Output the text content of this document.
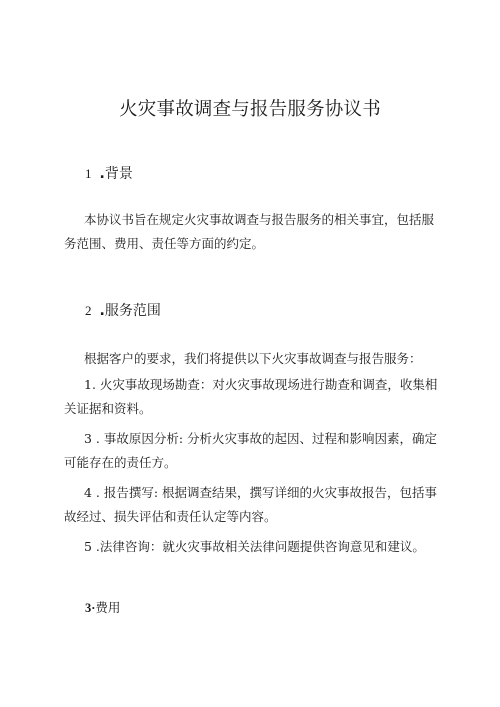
火灾事故调查与报告服务协议书
1 .背景
本协议书旨在规定火灾事故调查与报告服务的相关事宜，包括服
务范围、费用、责任等方面的约定。
2 .服务范围
根据客户的要求，我们将提供以下火灾事故调查与报告服务：
1. 火灾事故现场勘查：对火灾事故现场进行勘查和调查，收集相
关证据和资料。
3 . 事故原因分析: 分析火灾事故的起因、过程和影响因素，确定
可能存在的责任方。
4 . 报告撰写: 根据调查结果，撰写详细的火灾事故报告，包括事
故经过、损失评估和责任认定等内容。
5 .法律咨询：就火灾事故相关法律问题提供咨询意见和建议。
3·费用
